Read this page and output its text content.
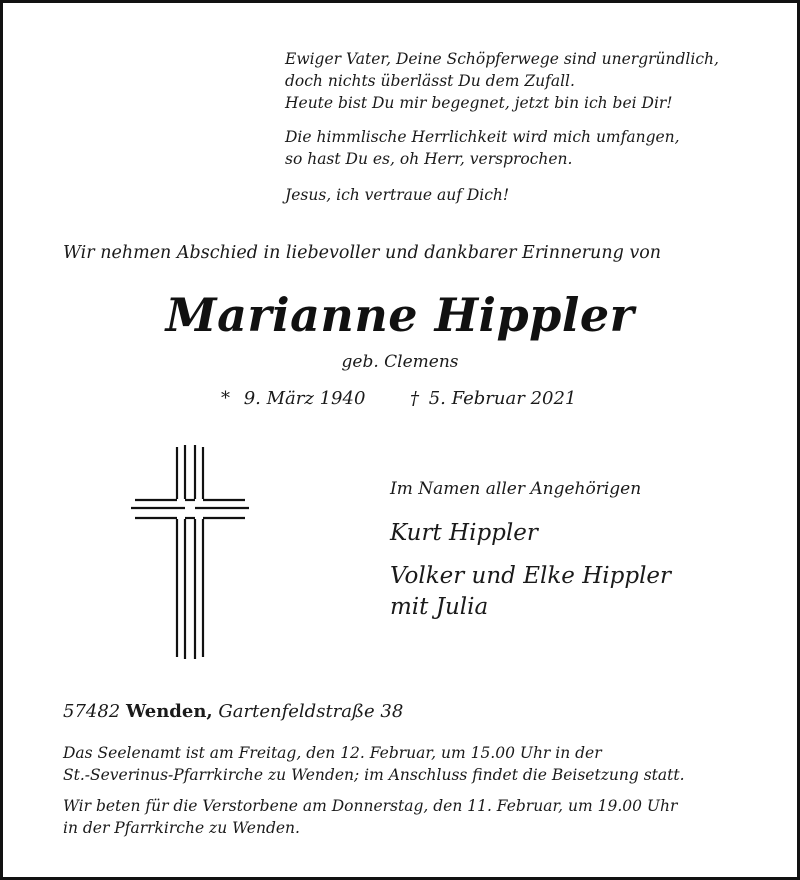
Ewiger Vater, Deine Schöpferwege sind unergründlich,
doch nichts überlässt Du dem Zufall.
Heute bist Du mir begegnet, jetzt bin ich bei Dir!
Die himmlische Herrlichkeit wird mich umfangen,
so hast Du es, oh Herr, versprochen.
Jesus, ich vertraue auf Dich!
Wir nehmen Abschied in liebevoller und dankbarer Erinnerung von
Marianne Hippler
geb. Clemens
* 9. März 1940 † 5. Februar 2021
Im Namen aller Angehörigen
Kurt Hippler
Volker und Elke Hippler
mit Julia
57482 Wenden, Gartenfeldstraße 38
Das Seelenamt ist am Freitag, den 12. Februar, um 15.00 Uhr in der
St.-Severinus-Pfarrkirche zu Wenden; im Anschluss findet die Beisetzung statt.
Wir beten für die Verstorbene am Donnerstag, den 11. Februar, um 19.00 Uhr
in der Pfarrkirche zu Wenden.
